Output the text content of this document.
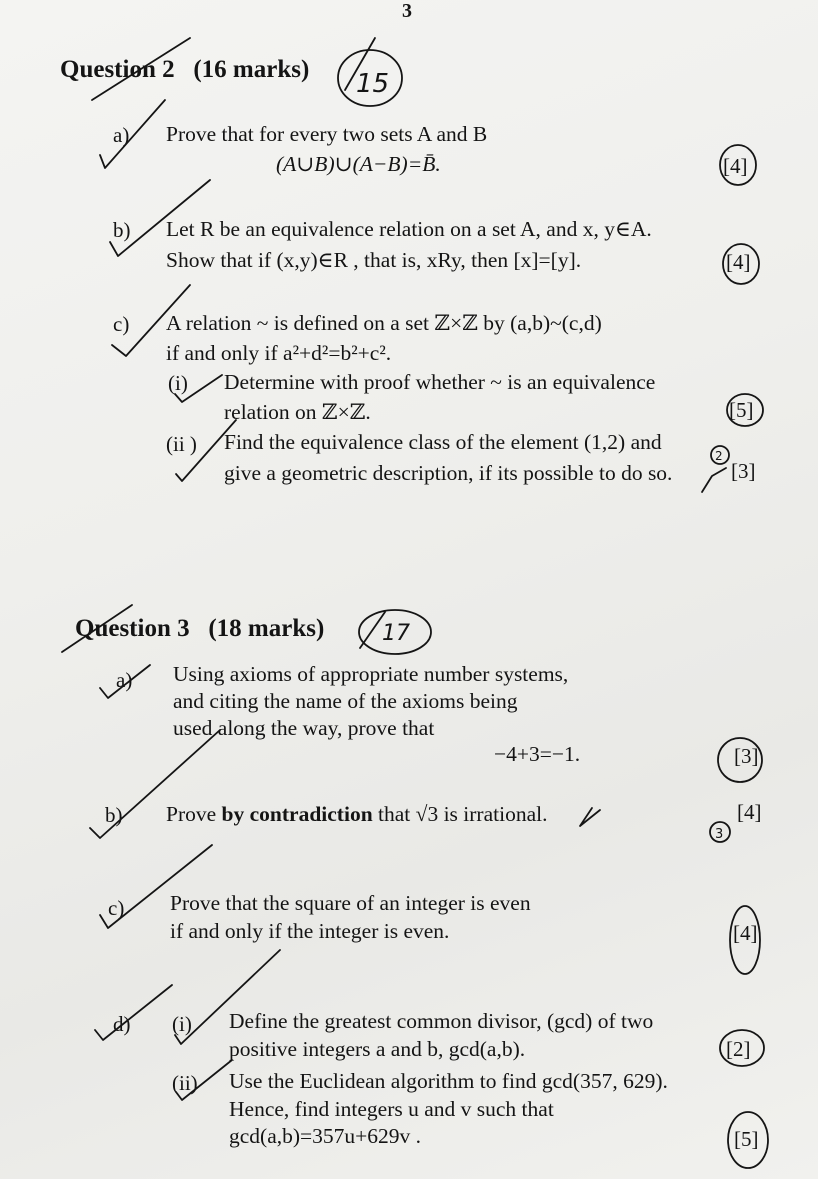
3
Question 2 (16 marks)
a) Prove that for every two sets A and B
(A∪B)∪(A−B)=B̄.	[4]
b) Let R be an equivalence relation on a set A, and x, y∈A.
Show that if (x,y)∈R , that is, xRy, then [x]=[y].	[4]
c) A relation ~ is defined on a set ℤ×ℤ by (a,b)~(c,d)
if and only if a²+d²=b²+c².
(i) Determine with proof whether ~ is an equivalence
relation on ℤ×ℤ.	[5]
(ii ) Find the equivalence class of the element (1,2) and
give a geometric description, if its possible to do so.	[3]
Question 3 (18 marks)
a) Using axioms of appropriate number systems,
and citing the name of the axioms being
used along the way, prove that
−4+3=−1.	[3]
b) Prove by contradiction that √3 is irrational.	[4]
c) Prove that the square of an integer is even
if and only if the integer is even.	[4]
d) (i) Define the greatest common divisor, (gcd) of two
positive integers a and b, gcd(a,b).	[2]
(ii) Use the Euclidean algorithm to find gcd(357, 629).
Hence, find integers u and v such that
gcd(a,b)=357u+629v .	[5]
15
2
17
3
